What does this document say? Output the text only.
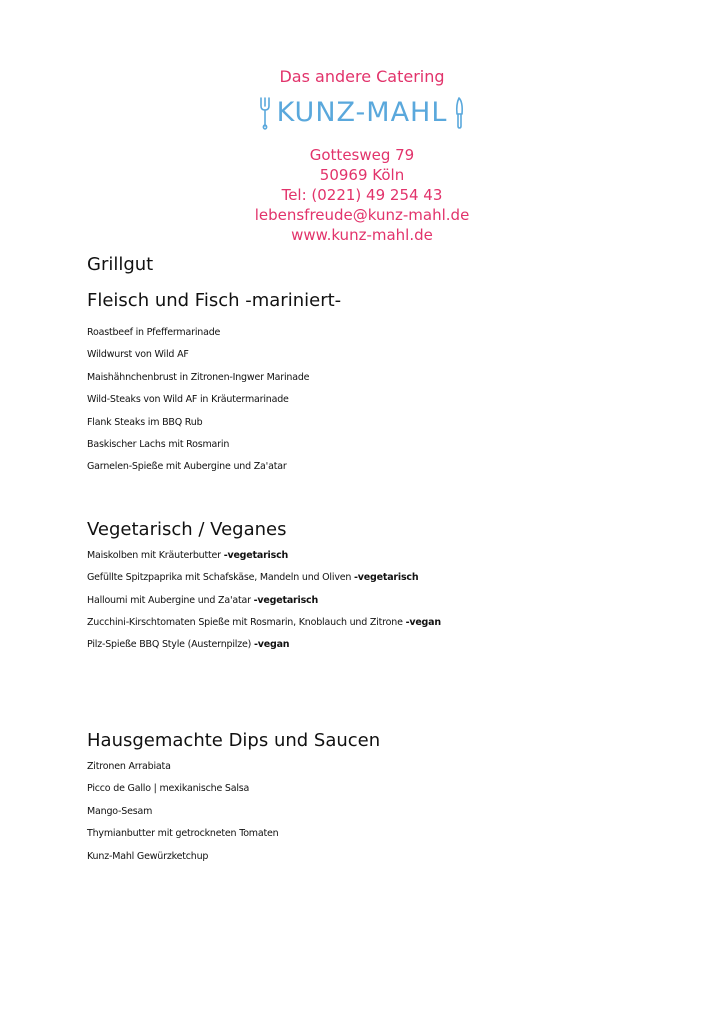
Das andere Catering
KUNZ-MAHL
Gottesweg 79
50969 Köln
Tel: (0221) 49 254 43
lebensfreude@kunz-mahl.de
www.kunz-mahl.de
Grillgut
Fleisch und Fisch -mariniert-
Roastbeef in Pfeffermarinade
Wildwurst von Wild AF
Maishähnchenbrust in Zitronen-Ingwer Marinade
Wild-Steaks von Wild AF in Kräutermarinade
Flank Steaks im BBQ Rub
Baskischer Lachs mit Rosmarin
Garnelen-Spieße mit Aubergine und Za'atar
Vegetarisch / Veganes
Maiskolben mit Kräuterbutter -vegetarisch
Gefüllte Spitzpaprika mit Schafskäse, Mandeln und Oliven -vegetarisch
Halloumi mit Aubergine und Za'atar -vegetarisch
Zucchini-Kirschtomaten Spieße mit Rosmarin, Knoblauch und Zitrone -vegan
Pilz-Spieße BBQ Style (Austernpilze) -vegan
Hausgemachte Dips und Saucen
Zitronen Arrabiata
Picco de Gallo | mexikanische Salsa
Mango-Sesam
Thymianbutter mit getrockneten Tomaten
Kunz-Mahl Gewürzketchup
